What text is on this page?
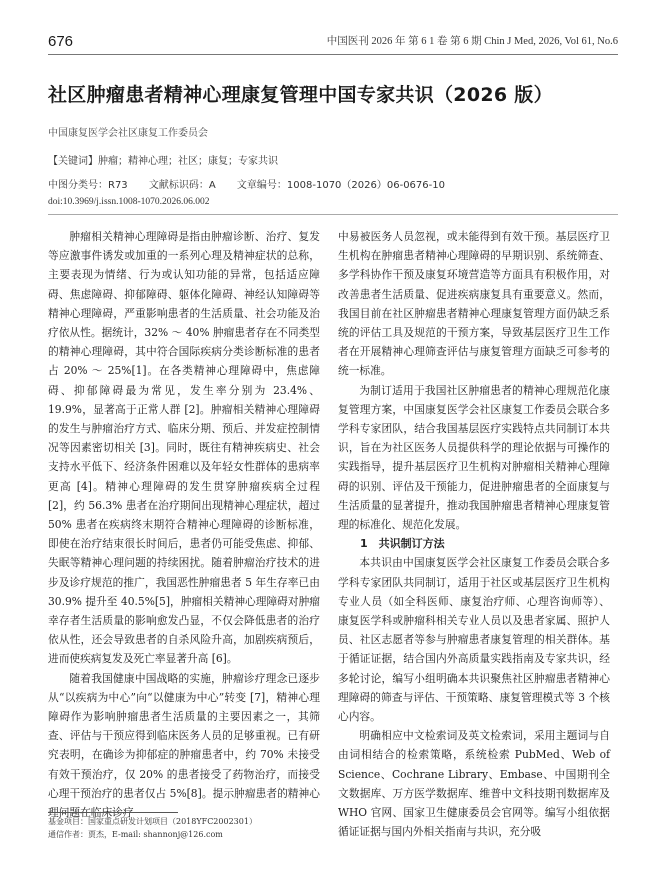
676	中国医刊 2026 年 第 6 1 卷 第 6 期 Chin J Med, 2026, Vol 61, No.6
社区肿瘤患者精神心理康复管理中国专家共识（2026 版）
中国康复医学会社区康复工作委员会
【关键词】肿瘤；精神心理；社区；康复；专家共识
中图分类号：R73 文献标识码：A 文章编号：1008-1070（2026）06-0676-10
doi:10.3969/j.issn.1008-1070.2026.06.002

肿瘤相关精神心理障碍是指由肿瘤诊断、治疗、复发等应激事件诱发或加重的一系列心理及精神症状的总称，主要表现为情绪、行为或认知功能的异常，包括适应障碍、焦虑障碍、抑郁障碍、躯体化障碍、神经认知障碍等精神心理障碍，严重影响患者的生活质量、社会功能及治疗依从性。据统计，32% ～ 40% 肿瘤患者存在不同类型的精神心理障碍，其中符合国际疾病分类诊断标准的患者占 20% ～ 25%[1]。在各类精神心理障碍中，焦虑障碍、抑郁障碍最为常见，发生率分别为 23.4%、19.9%，显著高于正常人群 [2]。肿瘤相关精神心理障碍的发生与肿瘤治疗方式、临床分期、预后、并发症控制情况等因素密切相关 [3]。同时，既往有精神疾病史、社会支持水平低下、经济条件困难以及年轻女性群体的患病率更高 [4]。精神心理障碍的发生贯穿肿瘤疾病全过程 [2]，约 56.3% 患者在治疗期间出现精神心理症状，超过 50% 患者在疾病终末期符合精神心理障碍的诊断标准，即使在治疗结束很长时间后，患者仍可能受焦虑、抑郁、失眠等精神心理问题的持续困扰。随着肿瘤治疗技术的进步及诊疗规范的推广，我国恶性肿瘤患者 5 年生存率已由 30.9% 提升至 40.5%[5]，肿瘤相关精神心理障碍对肿瘤幸存者生活质量的影响愈发凸显，不仅会降低患者的治疗依从性，还会导致患者的自杀风险升高，加剧疾病预后，进而使疾病复发及死亡率显著升高 [6]。

随着我国健康中国战略的实施，肿瘤诊疗理念已逐步从“以疾病为中心”向“以健康为中心”转变 [7]，精神心理障碍作为影响肿瘤患者生活质量的主要因素之一，其筛查、评估与干预应得到临床医务人员的足够重视。已有研究表明，在确诊为抑郁症的肿瘤患者中，约 70% 未接受有效干预治疗，仅 20% 的患者接受了药物治疗，而接受心理干预治疗的患者仅占 5%[8]。提示肿瘤患者的精神心理问题在临床诊疗

中易被医务人员忽视，或未能得到有效干预。基层医疗卫生机构在肿瘤患者精神心理障碍的早期识别、系统筛查、多学科协作干预及康复环境营造等方面具有积极作用，对改善患者生活质量、促进疾病康复具有重要意义。然而，我国目前在社区肿瘤患者精神心理康复管理方面仍缺乏系统的评估工具及规范的干预方案，导致基层医疗卫生工作者在开展精神心理筛查评估与康复管理方面缺乏可参考的统一标准。

为制订适用于我国社区肿瘤患者的精神心理规范化康复管理方案，中国康复医学会社区康复工作委员会联合多学科专家团队，结合我国基层医疗实践特点共同制订本共识，旨在为社区医务人员提供科学的理论依据与可操作的实践指导，提升基层医疗卫生机构对肿瘤相关精神心理障碍的识别、评估及干预能力，促进肿瘤患者的全面康复与生活质量的显著提升，推动我国肿瘤患者精神心理康复管理的标准化、规范化发展。

1　共识制订方法

本共识由中国康复医学会社区康复工作委员会联合多学科专家团队共同制订，适用于社区或基层医疗卫生机构专业人员（如全科医师、康复治疗师、心理咨询师等）、康复医学科或肿瘤科相关专业人员以及患者家属、照护人员、社区志愿者等参与肿瘤患者康复管理的相关群体。基于循证证据，结合国内外高质量实践指南及专家共识，经多轮讨论，编写小组明确本共识聚焦社区肿瘤患者精神心理障碍的筛查与评估、干预策略、康复管理模式等 3 个核心内容。

明确相应中文检索词及英文检索词，采用主题词与自由词相结合的检索策略，系统检索 PubMed、Web of Science、Cochrane Library、Embase、中国期刊全文数据库、万方医学数据库、维普中文科技期刊数据库及 WHO 官网、国家卫生健康委员会官网等。编写小组依据循证证据与国内外相关指南与共识，充分吸

基金项目：国家重点研发计划项目（2018YFC2002301）
通信作者：贾杰，E-mail: shannonj@126.com
